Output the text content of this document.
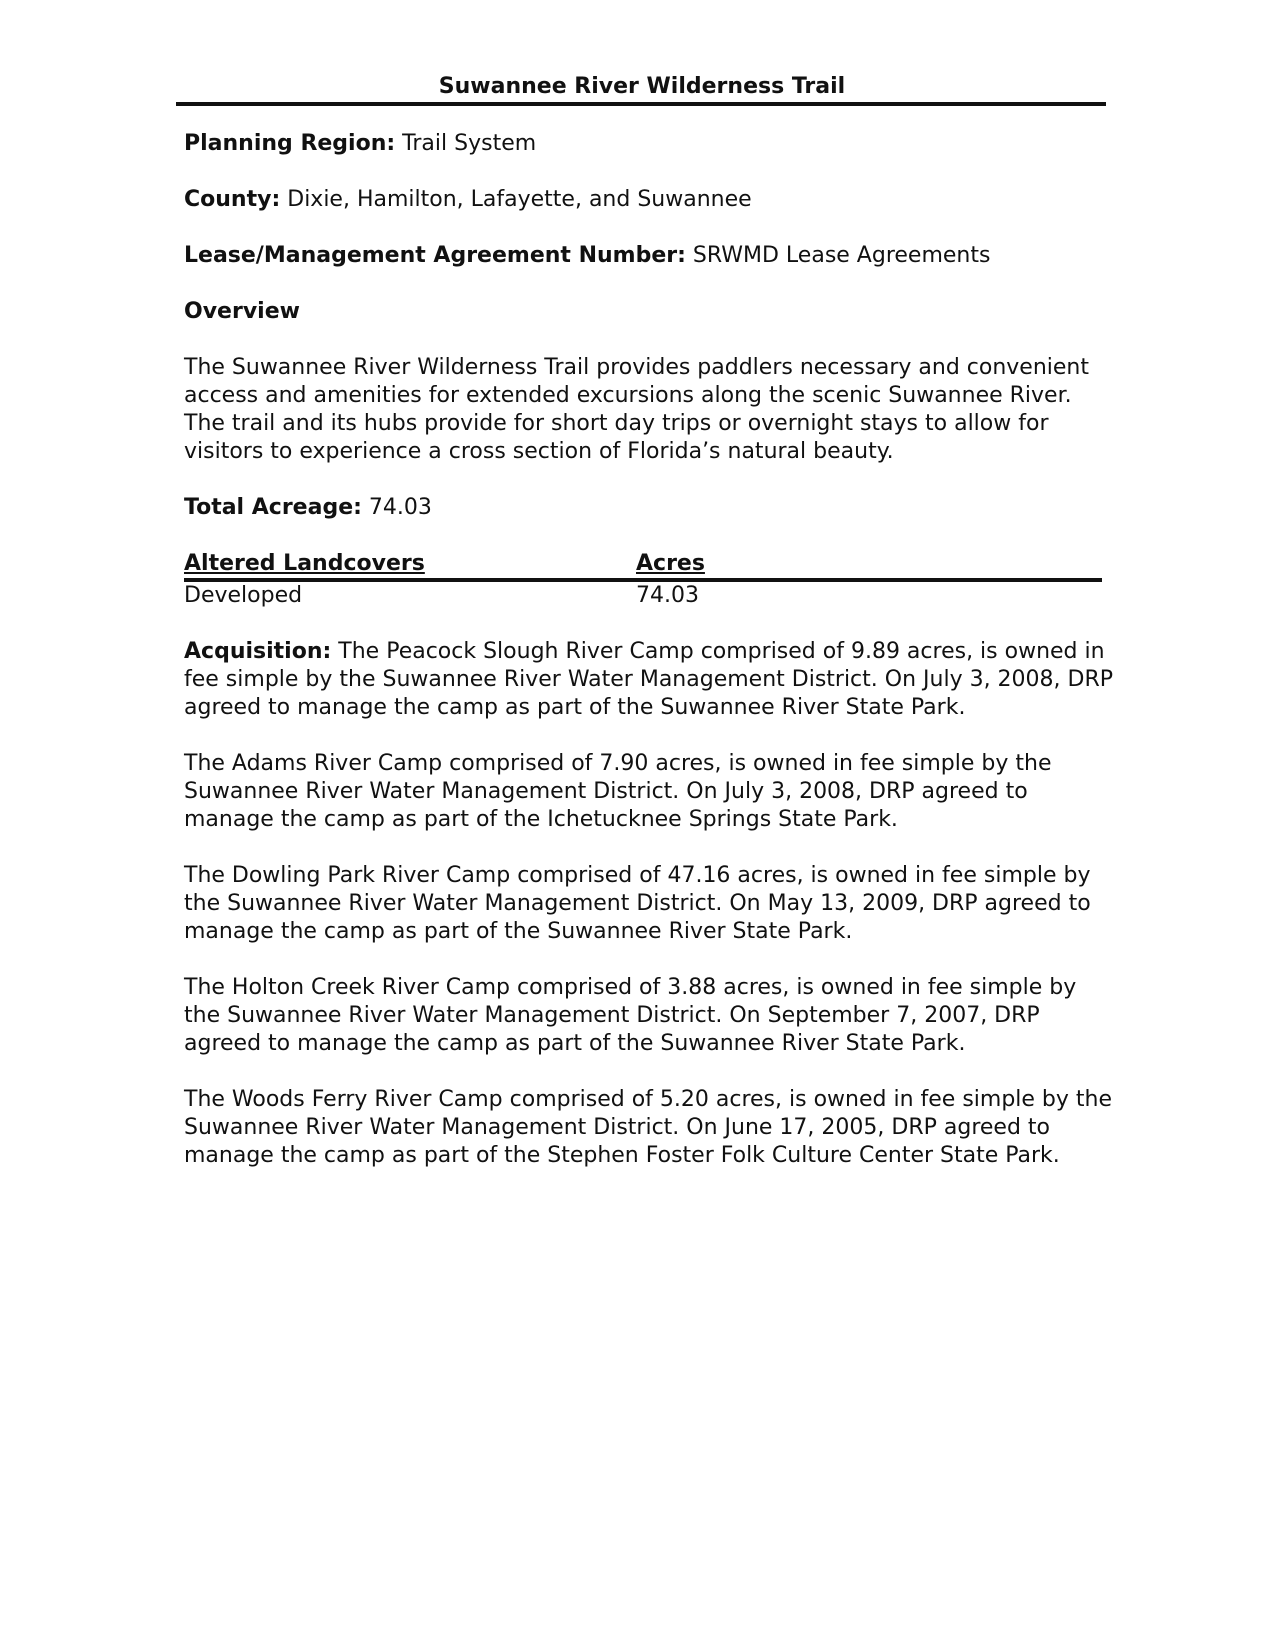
Suwannee River Wilderness Trail

Planning Region: Trail System

County: Dixie, Hamilton, Lafayette, and Suwannee

Lease/Management Agreement Number: SRWMD Lease Agreements

Overview

The Suwannee River Wilderness Trail provides paddlers necessary and convenient access and amenities for extended excursions along the scenic Suwannee River. The trail and its hubs provide for short day trips or overnight stays to allow for visitors to experience a cross section of Florida’s natural beauty.

Total Acreage: 74.03

Altered Landcovers	Acres
Developed	74.03

Acquisition: The Peacock Slough River Camp comprised of 9.89 acres, is owned in fee simple by the Suwannee River Water Management District. On July 3, 2008, DRP agreed to manage the camp as part of the Suwannee River State Park.

The Adams River Camp comprised of 7.90 acres, is owned in fee simple by the Suwannee River Water Management District. On July 3, 2008, DRP agreed to manage the camp as part of the Ichetucknee Springs State Park.

The Dowling Park River Camp comprised of 47.16 acres, is owned in fee simple by the Suwannee River Water Management District. On May 13, 2009, DRP agreed to manage the camp as part of the Suwannee River State Park.

The Holton Creek River Camp comprised of 3.88 acres, is owned in fee simple by the Suwannee River Water Management District. On September 7, 2007, DRP agreed to manage the camp as part of the Suwannee River State Park.

The Woods Ferry River Camp comprised of 5.20 acres, is owned in fee simple by the Suwannee River Water Management District. On June 17, 2005, DRP agreed to manage the camp as part of the Stephen Foster Folk Culture Center State Park.
